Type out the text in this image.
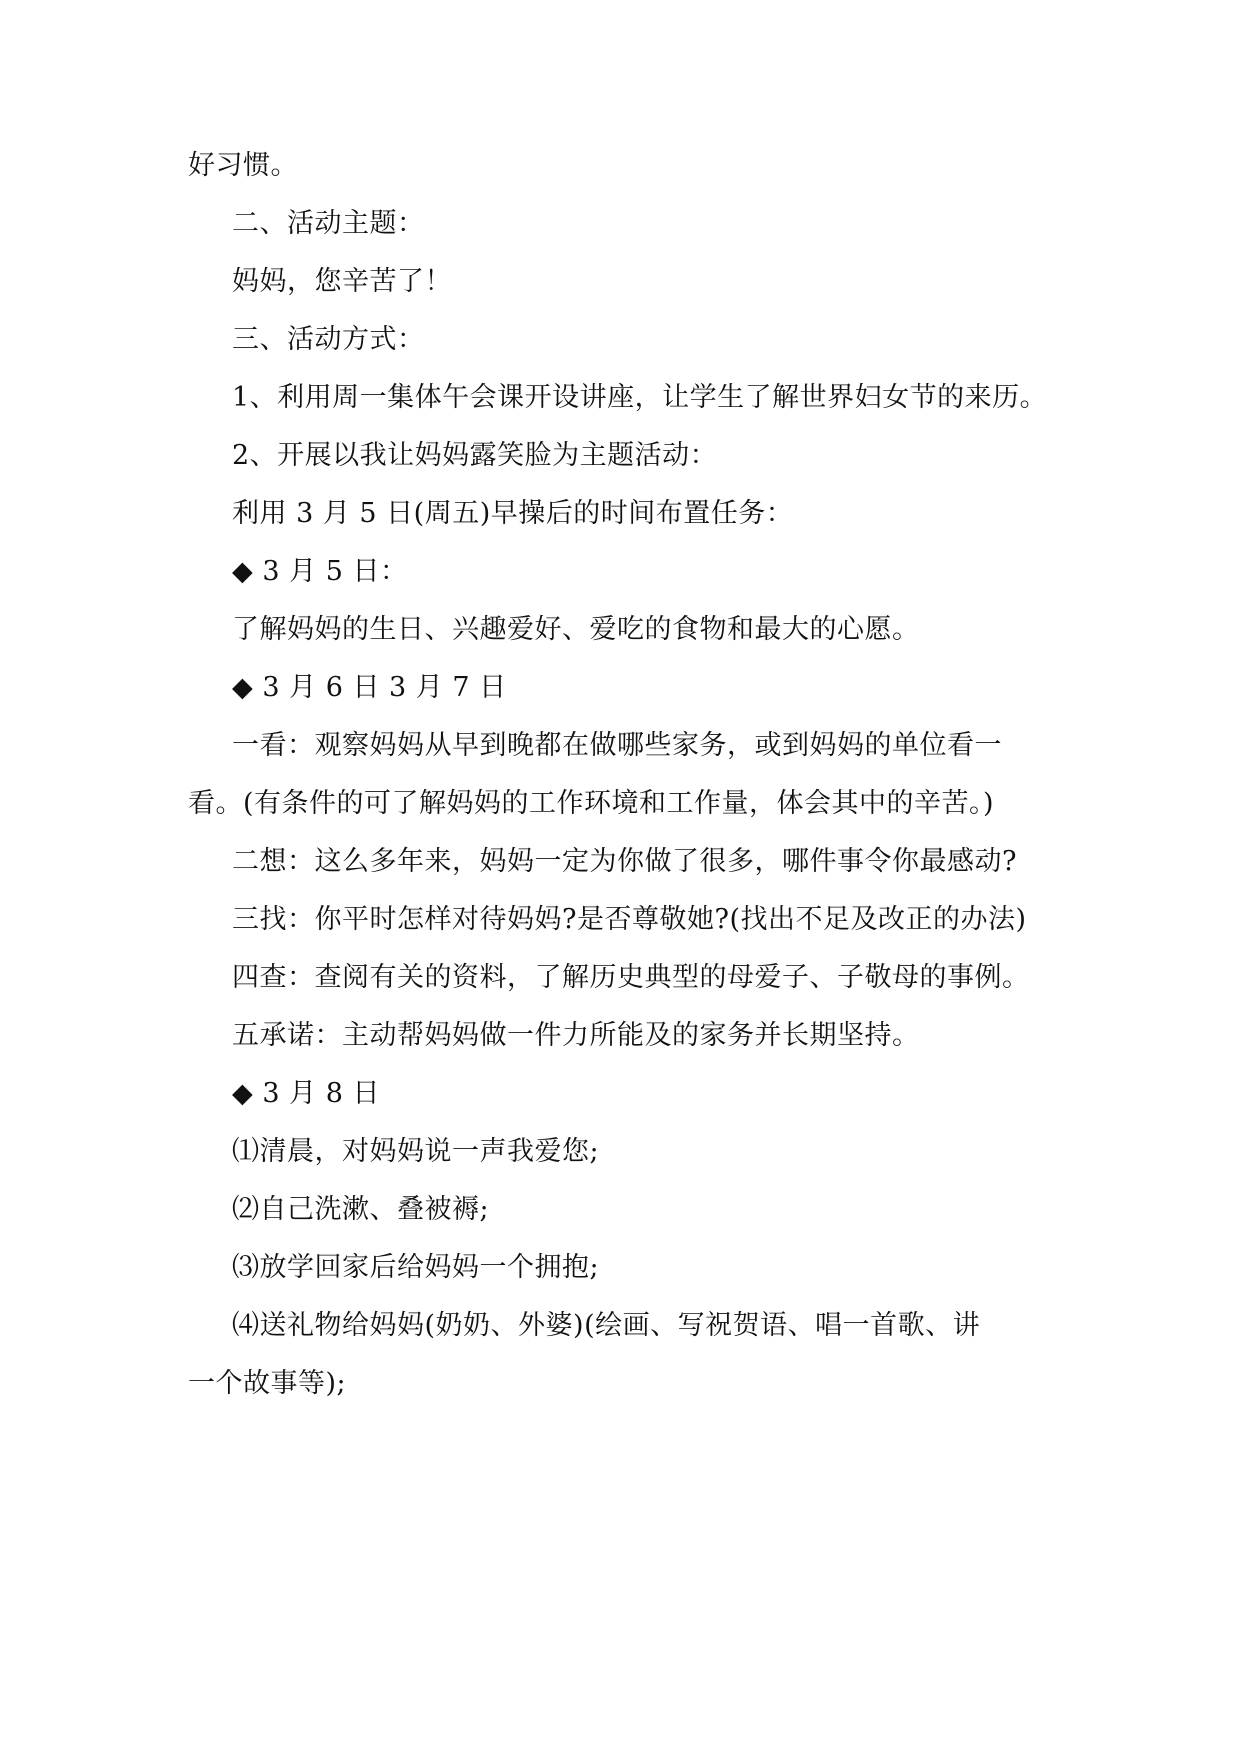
好习惯。
二、活动主题：
妈妈，您辛苦了！
三、活动方式：
1、利用周一集体午会课开设讲座，让学生了解世界妇女节的来历。
2、开展以我让妈妈露笑脸为主题活动：
利用 3 月 5 日(周五)早操后的时间布置任务：
◆ 3 月 5 日：
了解妈妈的生日、兴趣爱好、爱吃的食物和最大的心愿。
◆ 3 月 6 日 3 月 7 日
一看：观察妈妈从早到晚都在做哪些家务，或到妈妈的单位看一
看。(有条件的可了解妈妈的工作环境和工作量，体会其中的辛苦。)
二想：这么多年来，妈妈一定为你做了很多，哪件事令你最感动?
三找：你平时怎样对待妈妈?是否尊敬她?(找出不足及改正的办法)
四查：查阅有关的资料，了解历史典型的母爱子、子敬母的事例。
五承诺：主动帮妈妈做一件力所能及的家务并长期坚持。
◆ 3 月 8 日
⑴清晨，对妈妈说一声我爱您;
⑵自己洗漱、叠被褥;
⑶放学回家后给妈妈一个拥抱;
⑷送礼物给妈妈(奶奶、外婆)(绘画、写祝贺语、唱一首歌、讲
一个故事等);
